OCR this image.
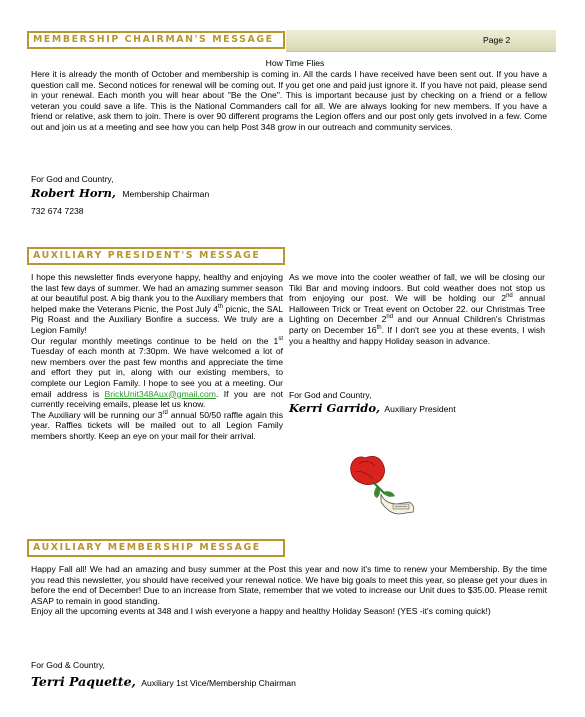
Page 2
MEMBERSHIP CHAIRMAN'S MESSAGE
How Time Flies
Here it is already the month of October and membership is coming in. All the cards I have received have been sent out. If you have a question call me. Second notices for renewal will be coming out. If you get one and paid just ignore it. If you have not paid, please send in your renewal. Each month you will hear about "Be the One". This is important because just by checking on a friend or a fellow veteran you could save a life. This is the National Commanders call for all. We are always looking for new members. If you have a friend or relative, ask them to join. There is over 90 different programs the Legion offers and our post only gets involved in a few. Come out and join us at a meeting and see how you can help Post 348 grow in our outreach and community services.
For God and Country,
Robert Horn, Membership Chairman
732 674 7238
AUXILIARY PRESIDENT'S MESSAGE

I hope this newsletter finds everyone happy, healthy and enjoying the last few days of summer. We had an amazing summer season at our beautiful post. A big thank you to the Auxiliary members that helped make the Veterans Picnic, the Post July 4th picnic, the SAL Pig Roast and the Auxiliary Bonfire a success. We truly are a Legion Family!

Our regular monthly meetings continue to be held on the 1st Tuesday of each month at 7:30pm. We have welcomed a lot of new members over the past few months and appreciate the time and effort they put in, along with our existing members, to complete our Legion Family. I hope to see you at a meeting. Our email address is BrickUnit348Aux@gmail.com. If you are not currently receiving emails, please let us know.

The Auxiliary will be running our 3rd annual 50/50 raffle again this year. Raffles tickets will be mailed out to all Legion Family members shortly. Keep an eye on your mail for their arrival.

As we move into the cooler weather of fall, we will be closing our Tiki Bar and moving indoors. But cold weather does not stop us from enjoying our post. We will be holding our 2nd annual Halloween Trick or Treat event on October 22. our Christmas Tree Lighting on December 2nd and our Annual Children's Christmas party on December 16th. If I don't see you at these events, I wish you a healthy and happy Holiday season in advance.

For God and Country,
Kerri Garrido, Auxiliary President
AUXILIARY MEMBERSHIP MESSAGE

Happy Fall all! We had an amazing and busy summer at the Post this year and now it's time to renew your Membership. By the time you read this newsletter, you should have received your renewal notice. We have big goals to meet this year, so please get your dues in before the end of December! Due to an increase from State, remember that we voted to increase our Unit dues to $35.00. Please remit ASAP to remain in good standing.

Enjoy all the upcoming events at 348 and I wish everyone a happy and healthy Holiday Season! (YES -it's coming quick!)

For God & Country,
Terri Paquette, Auxiliary 1st Vice/Membership Chairman
